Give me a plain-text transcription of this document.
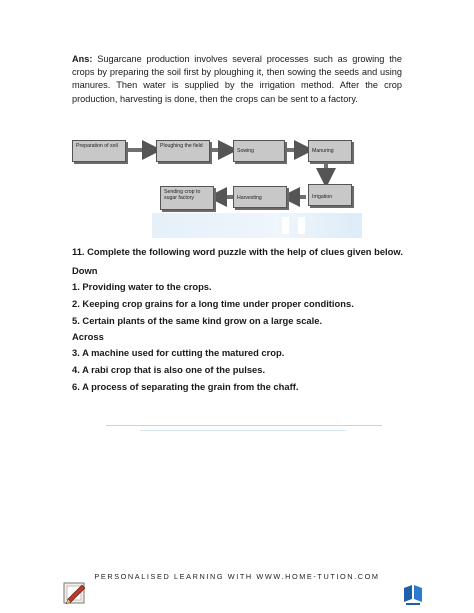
Ans: Sugarcane production involves several processes such as growing the crops by preparing the soil first by ploughing it, then sowing the seeds and using manures. Then water is supplied by the irrigation method. After the crop production, harvesting is done, then the crops can be sent to a factory.
Preparation of soil	Ploughing the field
Sowing	Manuring
Irrigation
Harvesting
Sending crop to sugar factory
11. Complete the following word puzzle with the help of clues given below.
Down
1. Providing water to the crops.
2. Keeping crop grains for a long time under proper conditions.
5. Certain plants of the same kind grow on a large scale.
Across
3. A machine used for cutting the matured crop.
4. A rabi crop that is also one of the pulses.
6. A process of separating the grain from the chaff.
PERSONALISED LEARNING WITH WWW.HOME-TUTION.COM
